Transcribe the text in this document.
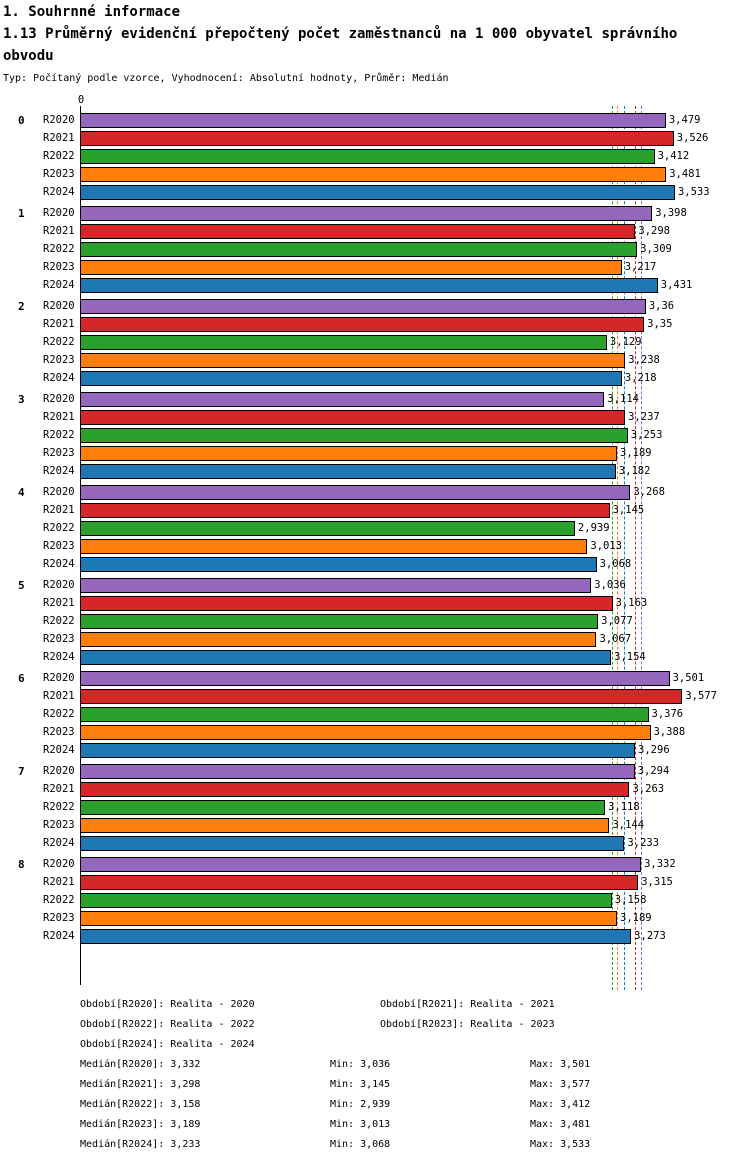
1. Souhrnné informace
1.13 Průměrný evidenční přepočtený počet zaměstnanců na 1 000 obyvatel správního obvodu
Typ: Počítaný podle vzorce, Vyhodnocení: Absolutní hodnoty, Průměr: Medián
0
0	R2020	3,479
R2021	3,526
R2022	3,412
R2023	3,481
R2024	3,533
1	R2020	3,398
R2021	3,298
R2022	3,309
R2023	3,217
R2024	3,431
2	R2020	3,36
R2021	3,35
R2022	3,129
R2023	3,238
R2024	3,218
3	R2020	3,114
R2021	3,237
R2022	3,253
R2023	3,189
R2024	3,182
4	R2020	3,268
R2021	3,145
R2022	2,939
R2023	3,013
R2024	3,068
5	R2020	3,036
R2021	3,163
R2022	3,077
R2023	3,067
R2024	3,154
6	R2020	3,501
R2021	3,577
R2022	3,376
R2023	3,388
R2024	3,296
7	R2020	3,294
R2021	3,263
R2022	3,118
R2023	3,144
R2024	3,233
8	R2020	3,332
R2021	3,315
R2022	3,158
R2023	3,189
R2024	3,273
Období[R2020]: Realita - 2020	Období[R2021]: Realita - 2021
Období[R2022]: Realita - 2022	Období[R2023]: Realita - 2023
Období[R2024]: Realita - 2024
Medián[R2020]: 3,332	Min: 3,036	Max: 3,501
Medián[R2021]: 3,298	Min: 3,145	Max: 3,577
Medián[R2022]: 3,158	Min: 2,939	Max: 3,412
Medián[R2023]: 3,189	Min: 3,013	Max: 3,481
Medián[R2024]: 3,233	Min: 3,068	Max: 3,533
